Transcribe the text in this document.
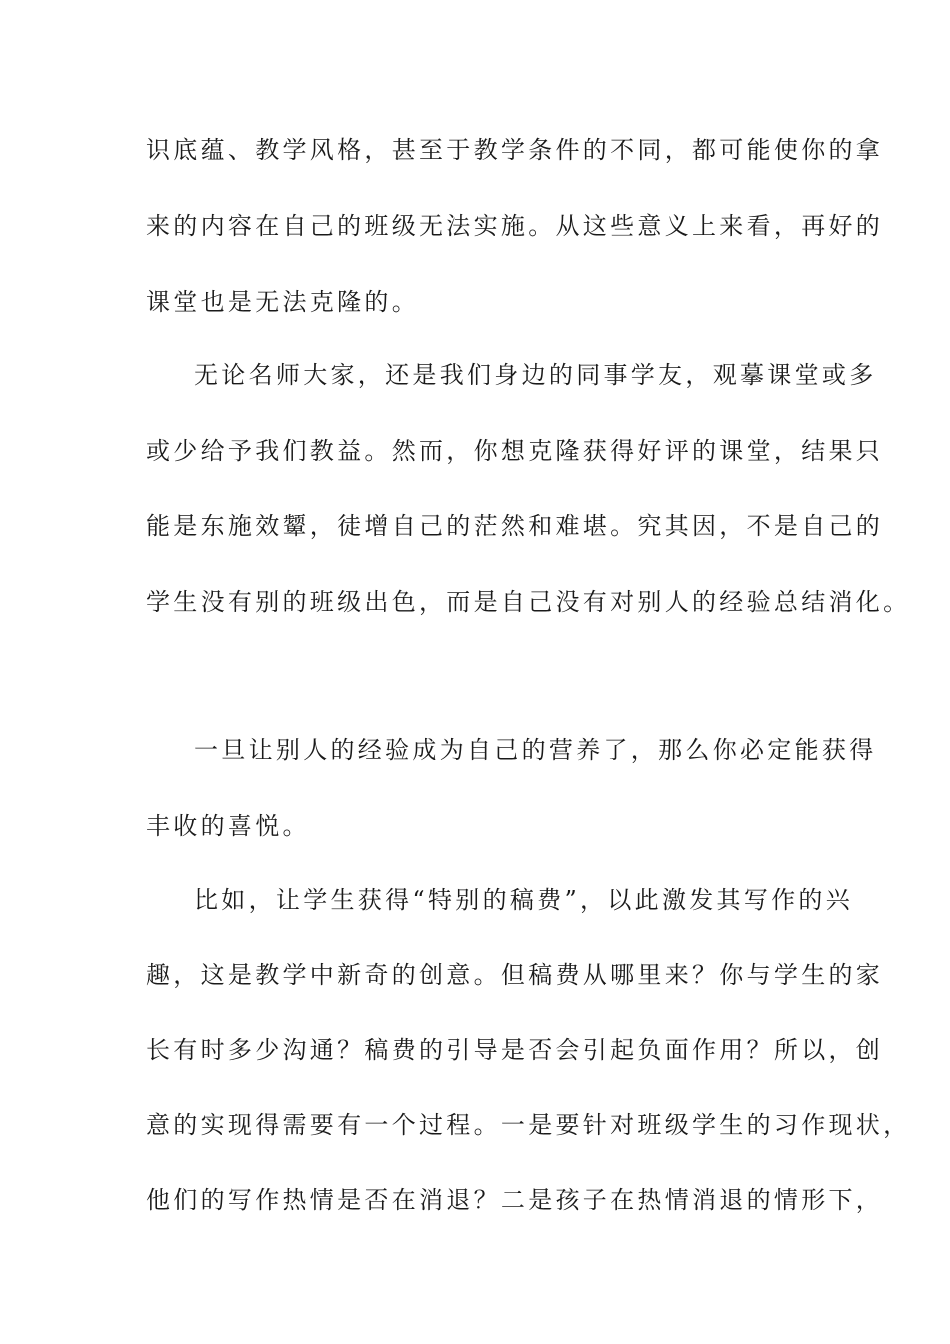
识底蕴、教学风格，甚至于教学条件的不同，都可能使你的拿
来的内容在自己的班级无法实施。从这些意义上来看，再好的
课堂也是无法克隆的。
无论名师大家，还是我们身边的同事学友，观摹课堂或多
或少给予我们教益。然而，你想克隆获得好评的课堂，结果只
能是东施效颦，徒增自己的茫然和难堪。究其因，不是自己的
学生没有别的班级出色，而是自己没有对别人的经验总结消化。
一旦让别人的经验成为自己的营养了，那么你必定能获得
丰收的喜悦。
比如，让学生获得“特别的稿费”，以此激发其写作的兴
趣，这是教学中新奇的创意。但稿费从哪里来？你与学生的家
长有时多少沟通？稿费的引导是否会引起负面作用？所以，创
意的实现得需要有一个过程。一是要针对班级学生的习作现状，
他们的写作热情是否在消退？二是孩子在热情消退的情形下，
